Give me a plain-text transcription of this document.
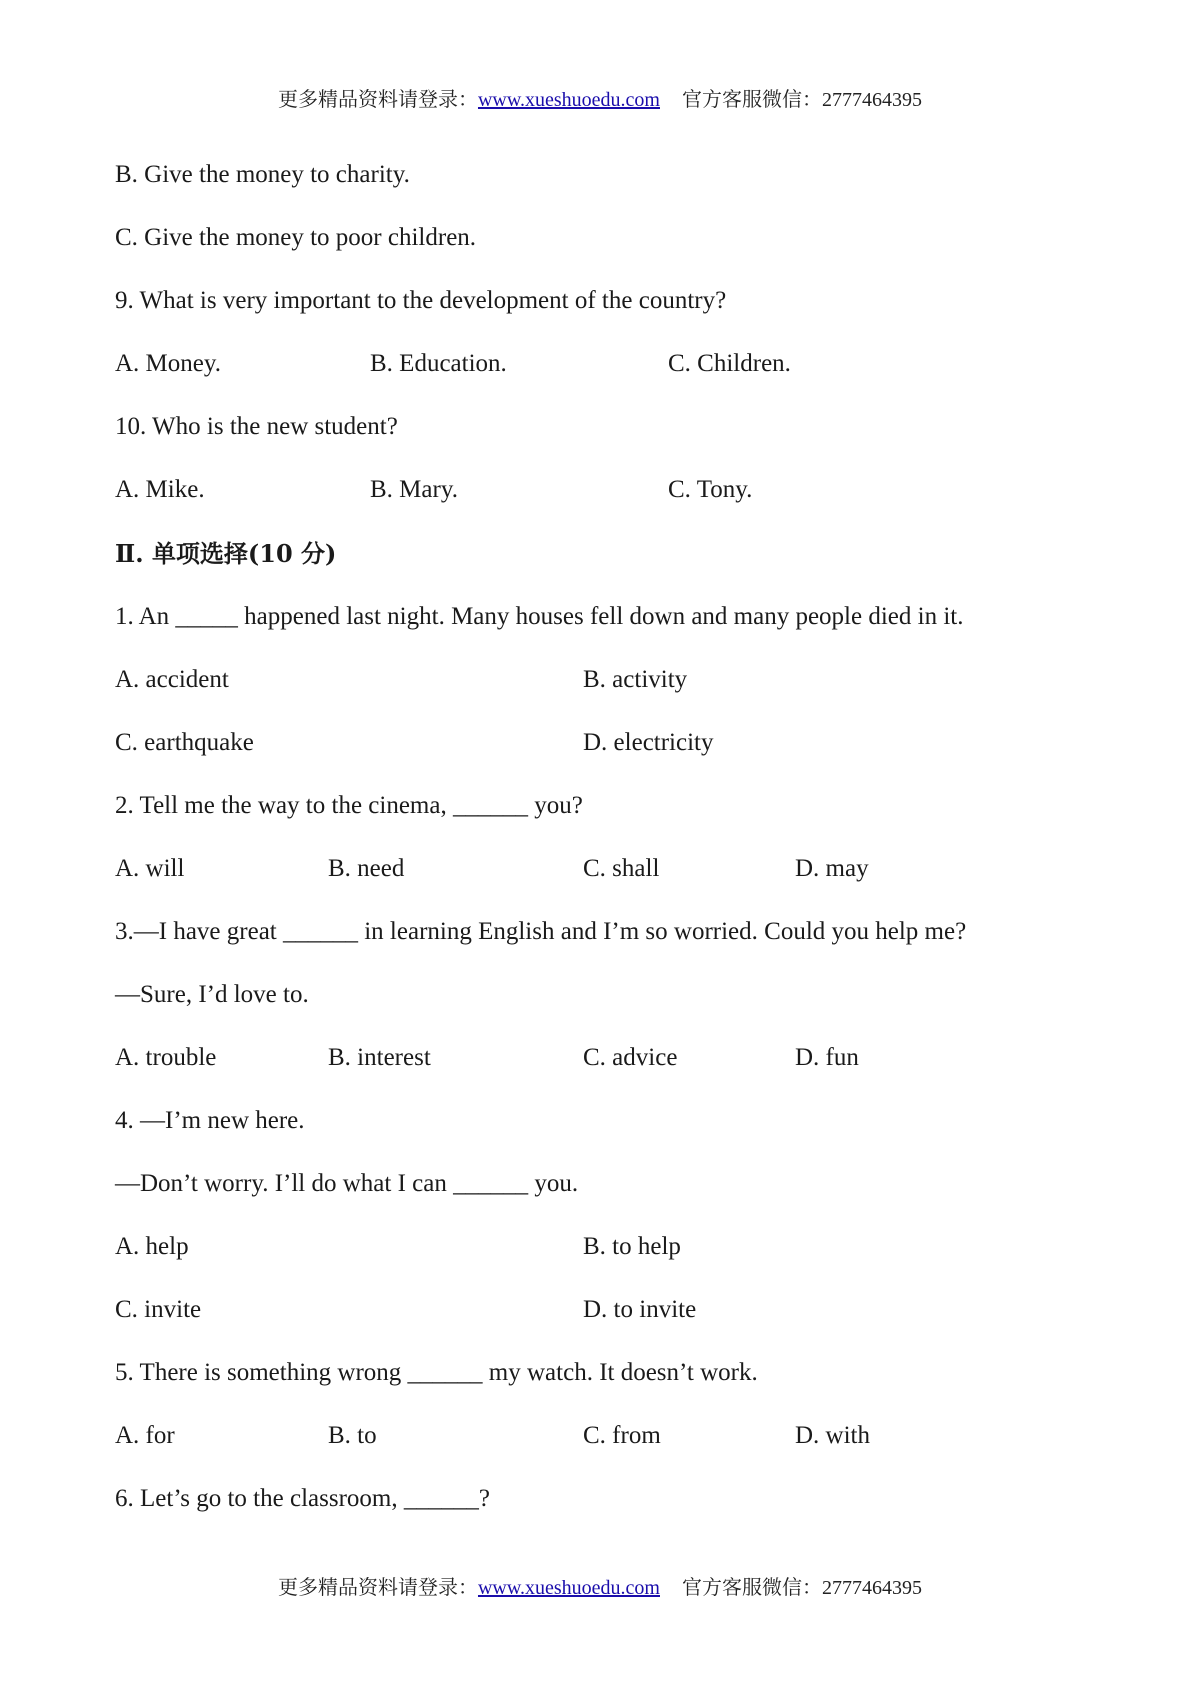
更多精品资料请登录：www.xueshuoedu.com 官方客服微信：2777464395
B. Give the money to charity.
C. Give the money to poor children.
9. What is very important to the development of the country?
A. Money.	B. Education.	C. Children.
10. Who is the new student?
A. Mike.	B. Mary.	C. Tony.
Ⅱ. 单项选择(10 分)
1. An _____ happened last night. Many houses fell down and many people died in it.
A. accident	B. activity
C. earthquake	D. electricity
2. Tell me the way to the cinema, ______ you?
A. will	B. need	C. shall	D. may
3.—I have great ______ in learning English and I’m so worried. Could you help me?
—Sure, I’d love to.
A. trouble	B. interest	C. advice	D. fun
4. —I’m new here.
—Don’t worry. I’ll do what I can ______ you.
A. help	B. to help
C. invite	D. to invite
5. There is something wrong ______ my watch. It doesn’t work.
A. for	B. to	C. from	D. with
6. Let’s go to the classroom, ______?
更多精品资料请登录：www.xueshuoedu.com 官方客服微信：2777464395
